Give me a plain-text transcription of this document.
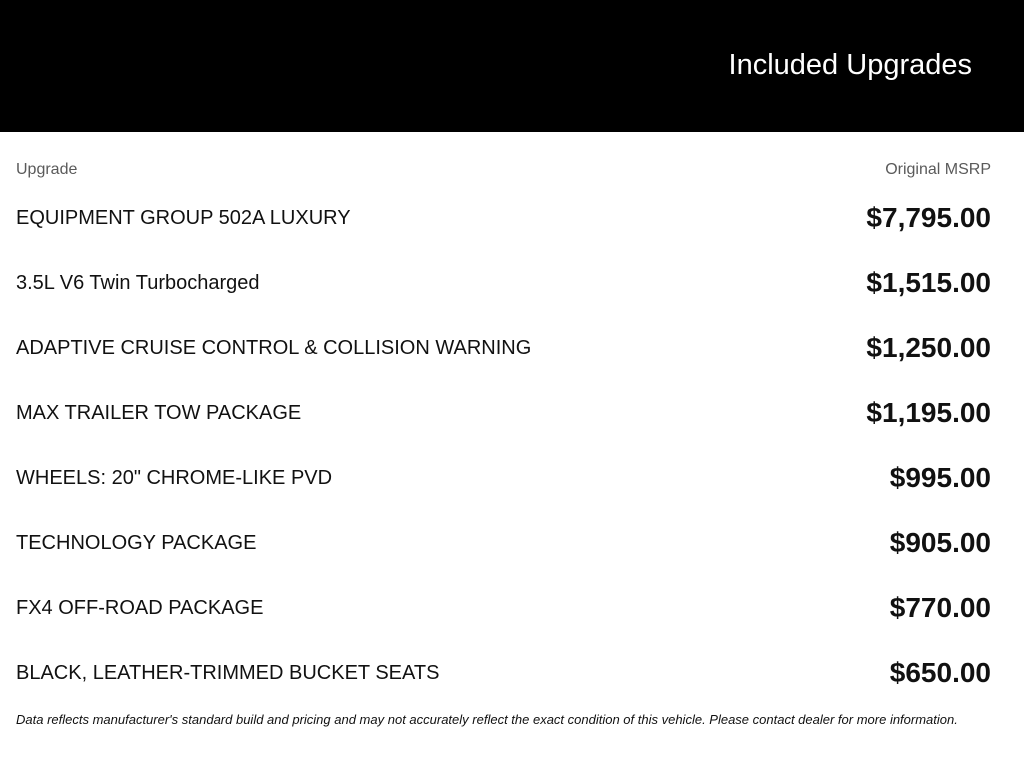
Included Upgrades
Upgrade	Original MSRP
EQUIPMENT GROUP 502A LUXURY	$7,795.00
3.5L V6 Twin Turbocharged	$1,515.00
ADAPTIVE CRUISE CONTROL & COLLISION WARNING	$1,250.00
MAX TRAILER TOW PACKAGE	$1,195.00
WHEELS: 20" CHROME-LIKE PVD	$995.00
TECHNOLOGY PACKAGE	$905.00
FX4 OFF-ROAD PACKAGE	$770.00
BLACK, LEATHER-TRIMMED BUCKET SEATS	$650.00
Data reflects manufacturer's standard build and pricing and may not accurately reflect the exact condition of this vehicle. Please contact dealer for more information.
